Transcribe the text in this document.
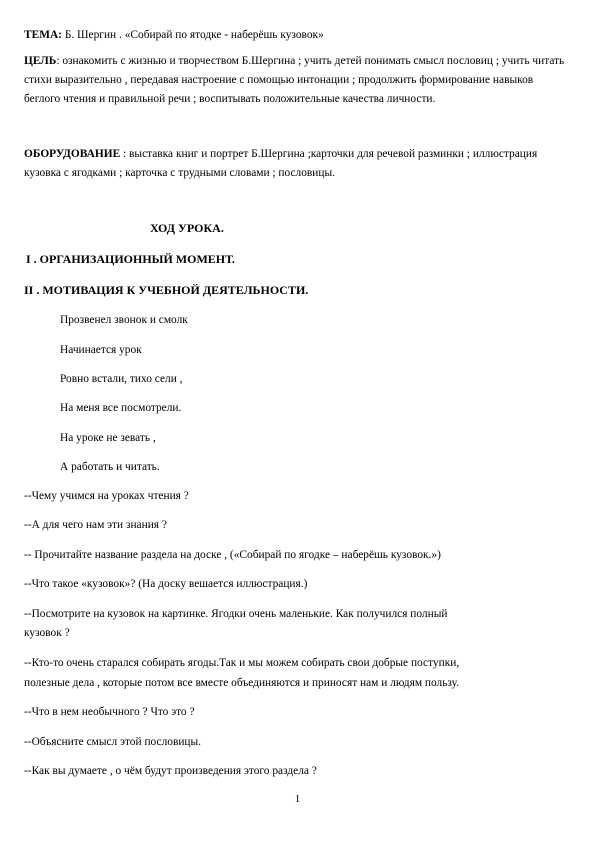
ТЕМА: Б. Шергин . «Собирай по ятодке - наберёшь кузовок»
ЦЕЛЬ: ознакомить с жизнью и творчеством Б.Шергина ; учить детей понимать смысл пословиц ; учить читать стихи выразительно , передавая настроение с помощью интонации ; продолжить формирование навыков беглого чтения и правильной речи ; воспитывать положительные качества личности.
ОБОРУДОВАНИЕ : выставка книг и портрет Б.Шергина ;карточки для речевой разминки ; иллюстрация кузовка с ягодками ; карточка с трудными словами ; пословицы.
ХОД УРОКА.
I . ОРГАНИЗАЦИОННЫЙ МОМЕНТ.
II . МОТИВАЦИЯ К УЧЕБНОЙ ДЕЯТЕЛЬНОСТИ.
Прозвенел звонок и смолк
Начинается урок
Ровно встали, тихо сели ,
На меня все посмотрели.
На уроке не зевать ,
А работать и читать.
--Чему учимся на уроках чтения ?
--А для чего нам эти знания ?
-- Прочитайте название раздела на доске , («Собирай по ягодке – наберёшь кузовок.»)
--Что такое «кузовок»? (На доску вешается иллюстрация.)
--Посмотрите на кузовок на картинке. Ягодки очень маленькие. Как получился полный
кузовок ?
--Кто-то очень старался собирать ягоды.Так и мы можем собирать свои добрые поступки,
полезные дела , которые потом все вместе объединяются и приносят нам и людям пользу.
--Что в нем необычного ? Что это ?
--Объясните смысл этой пословицы.
--Как вы думаете , о чём будут произведения этого раздела ?
1
